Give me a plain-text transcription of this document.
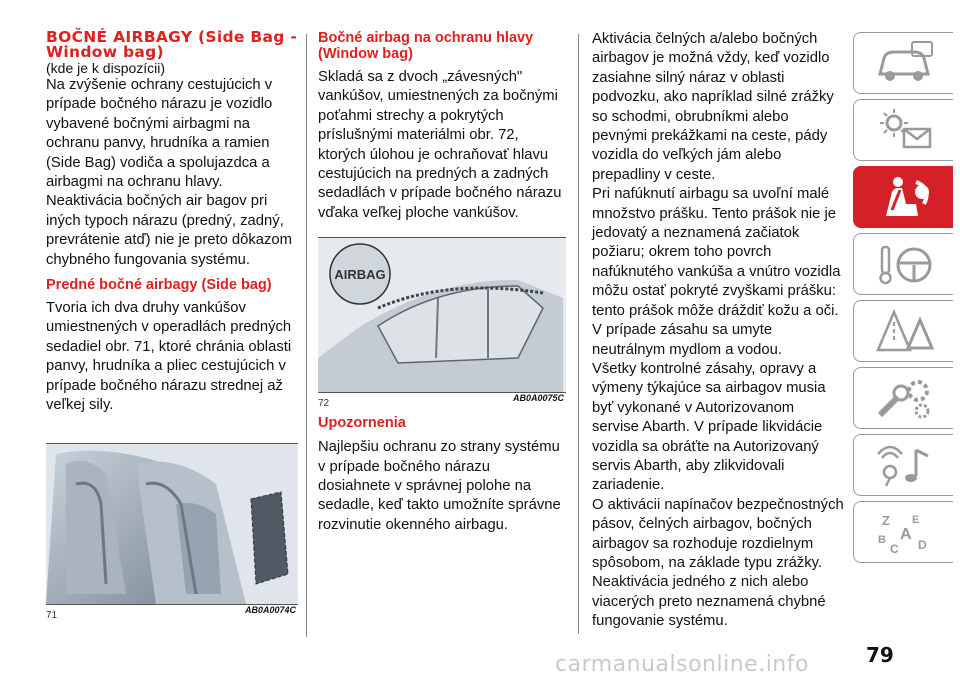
BOČNÉ AIRBAGY (Side Bag - Window bag)
(kde je k dispozícii)

Na zvýšenie ochrany cestujúcich v prípade bočného nárazu je vozidlo vybavené bočnými airbagmi na ochranu panvy, hrudníka a ramien (Side Bag) vodiča a spolujazdca a airbagmi na ochranu hlavy.

Neaktivácia bočných air bagov pri iných typoch nárazu (predný, zadný, prevrátenie atď) nie je preto dôkazom chybného fungovania systému.

Predné bočné airbagy (Side bag)

Tvoria ich dva druhy vankúšov umiestnených v operadlách predných sedadiel obr. 71, ktoré chránia oblasti panvy, hrudníka a pliec cestujúcich v prípade bočného nárazu strednej až veľkej sily.

71	AB0A0074C
Bočné airbag na ochranu hlavy (Window bag)

Skladá sa z dvoch „závesných" vankúšov, umiestnených za bočnými poťahmi strechy a pokrytých príslušnými materiálmi obr. 72, ktorých úlohou je ochraňovať hlavu cestujúcich na predných a zadných sedadlách v prípade bočného nárazu vďaka veľkej ploche vankúšov.

AIRBAG
72	AB0A0075C
Upozornenia

Najlepšiu ochranu zo strany systému v prípade bočného nárazu dosiahnete v správnej polohe na sedadle, keď takto umožníte správne rozvinutie okenného airbagu.

Aktivácia čelných a/alebo bočných airbagov je možná vždy, keď vozidlo zasiahne silný náraz v oblasti podvozku, ako napríklad silné zrážky so schodmi, obrubníkmi alebo pevnými prekážkami na ceste, pády vozidla do veľkých jám alebo prepadliny v ceste.

Pri nafúknutí airbagu sa uvoľní malé množstvo prášku. Tento prášok nie je jedovatý a neznamená začiatok požiaru; okrem toho povrch nafúknutého vankúša a vnútro vozidla môžu ostať pokryté zvyškami prášku: tento prášok môže dráždiť kožu a oči. V prípade zásahu sa umyte neutrálnym mydlom a vodou.

Všetky kontrolné zásahy, opravy a výmeny týkajúce sa airbagov musia byť vykonané v Autorizovanom servise Abarth. V prípade likvidácie vozidla sa obráťte na Autorizovaný servis Abarth, aby zlikvidovali zariadenie.

O aktivácii napínačov bezpečnostných pásov, čelných airbagov, bočných airbagov sa rozhoduje rozdielnym spôsobom, na základe typu zrážky. Neaktivácia jedného z nich alebo viacerých preto neznamená chybné fungovanie systému.

Z E
A
B
C D
79
carmanualsonline.info
